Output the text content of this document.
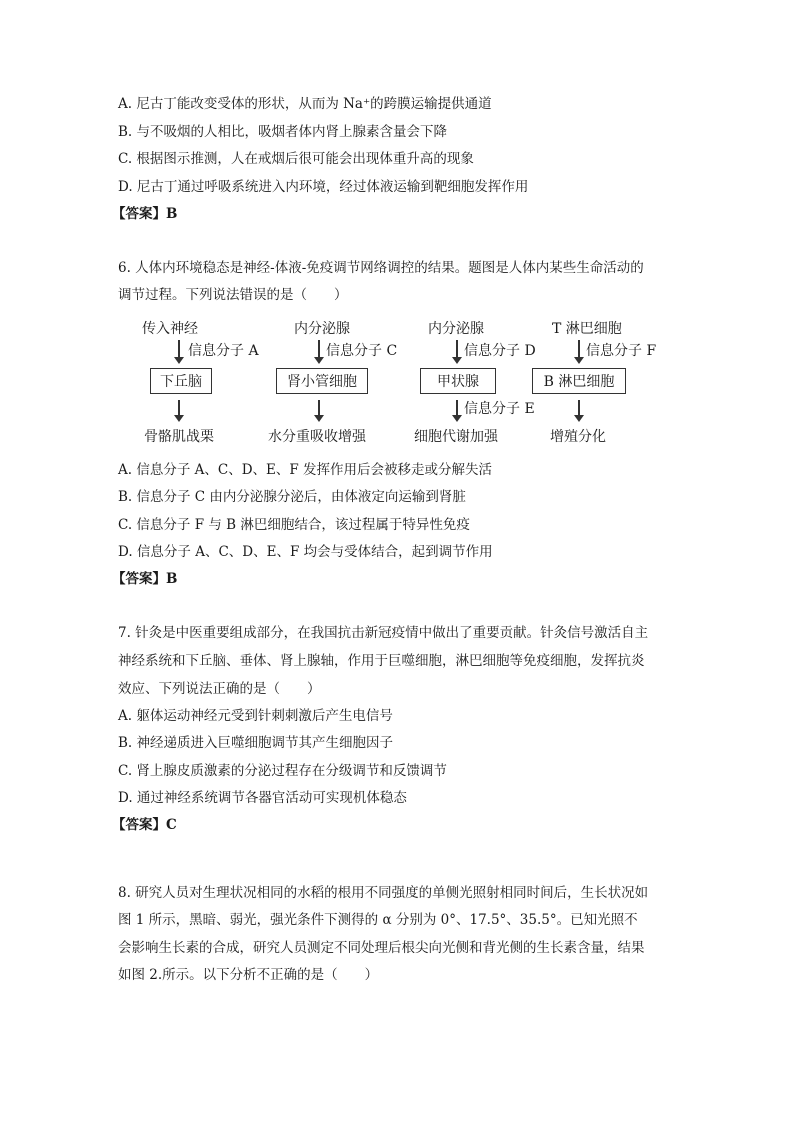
A. 尼古丁能改变受体的形状，从而为 Na⁺的跨膜运输提供通道
B. 与不吸烟的人相比，吸烟者体内肾上腺素含量会下降
C. 根据图示推测，人在戒烟后很可能会出现体重升高的现象
D. 尼古丁通过呼吸系统进入内环境，经过体液运输到靶细胞发挥作用
【答案】B
6. 人体内环境稳态是神经-体液-免疫调节网络调控的结果。题图是人体内某些生命活动的
调节过程。下列说法错误的是（　　）
传入神经
信息分子 A
下丘脑
骨骼肌战栗
内分泌腺
信息分子 C
肾小管细胞
水分重吸收增强
内分泌腺
信息分子 D
甲状腺
信息分子 E
细胞代谢加强
T 淋巴细胞
信息分子 F
B 淋巴细胞
增殖分化
A. 信息分子 A、C、D、E、F 发挥作用后会被移走或分解失活
B. 信息分子 C 由内分泌腺分泌后，由体液定向运输到肾脏
C. 信息分子 F 与 B 淋巴细胞结合，该过程属于特异性免疫
D. 信息分子 A、C、D、E、F 均会与受体结合，起到调节作用
【答案】B
7. 针灸是中医重要组成部分，在我国抗击新冠疫情中做出了重要贡献。针灸信号激活自主
神经系统和下丘脑、垂体、肾上腺轴，作用于巨噬细胞，淋巴细胞等免疫细胞，发挥抗炎
效应、下列说法正确的是（　　）
A. 躯体运动神经元受到针刺刺激后产生电信号
B. 神经递质进入巨噬细胞调节其产生细胞因子
C. 肾上腺皮质激素的分泌过程存在分级调节和反馈调节
D. 通过神经系统调节各器官活动可实现机体稳态
【答案】C
8. 研究人员对生理状况相同的水稻的根用不同强度的单侧光照射相同时间后，生长状况如
图 1 所示，黑暗、弱光，强光条件下测得的 α 分别为 0°、17.5°、35.5°。已知光照不
会影响生长素的合成，研究人员测定不同处理后根尖向光侧和背光侧的生长素含量，结果
如图 2.所示。以下分析不正确的是（　　）
